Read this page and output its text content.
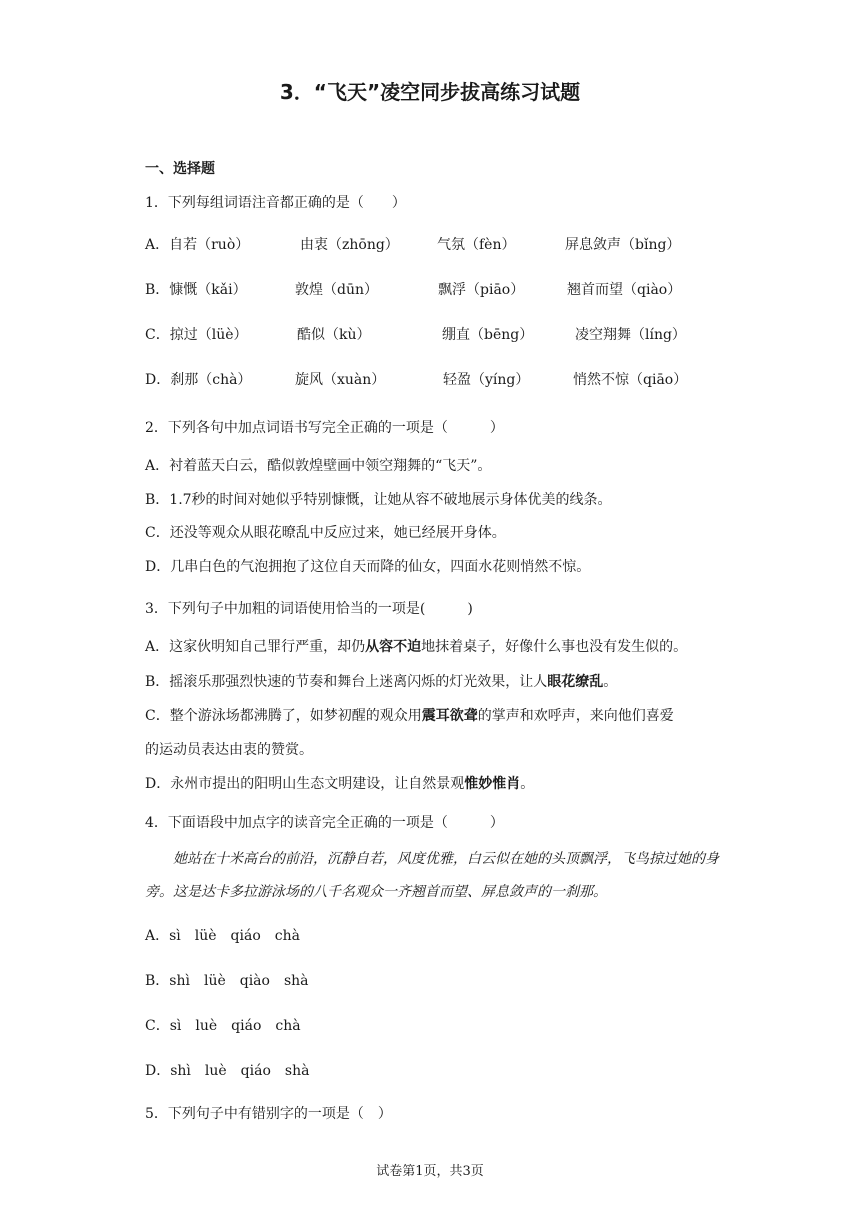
3．“飞天”凌空同步拔高练习试题
一、选择题
1．下列每组词语注音都正确的是（　　）
A．自若（ruò）	由衷（zhōng）	气氛（fèn）	屏息敛声（bǐng）
B．慷慨（kǎi）	敦煌（dūn）	飘浮（piāo）	翘首而望（qiào）
C．掠过（lüè）	酷似（kù）	绷直（bēng）	凌空翔舞（líng）
D．刹那（chà）	旋风（xuàn）	轻盈（yíng）	悄然不惊（qiāo）
2．下列各句中加点词语书写完全正确的一项是（　　　）
A．衬着蓝天白云，酷似敦煌壁画中领空翔舞的“飞天”。
B．1.7秒的时间对她似乎特别慷慨，让她从容不破地展示身体优美的线条。
C．还没等观众从眼花暸乱中反应过来，她已经展开身体。
D．几串白色的气泡拥抱了这位自天而降的仙女，四面水花则悄然不惊。
3．下列句子中加粗的词语使用恰当的一项是(　　　)
A．这家伙明知自己罪行严重，却仍从容不迫地抹着桌子，好像什么事也没有发生似的。
B．摇滚乐那强烈快速的节奏和舞台上迷离闪烁的灯光效果，让人眼花缭乱。
C．整个游泳场都沸腾了，如梦初醒的观众用震耳欲聋的掌声和欢呼声，来向他们喜爱
的运动员表达由衷的赞赏。
D．永州市提出的阳明山生态文明建设，让自然景观惟妙惟肖。
4．下面语段中加点字的读音完全正确的一项是（　　　）
她站在十米高台的前沿，沉静自若，风度优雅，白云似在她的头顶飘浮，飞鸟掠过她的身旁。这是达卡多拉游泳场的八千名观众一齐翘首而望、屏息敛声的一刹那。
A．sì　lüè　qiáo　chà
B．shì　lüè　qiào　shà
C．sì　luè　qiáo　chà
D．shì　luè　qiáo　shà
5．下列句子中有错别字的一项是（　）
试卷第1页，共3页
